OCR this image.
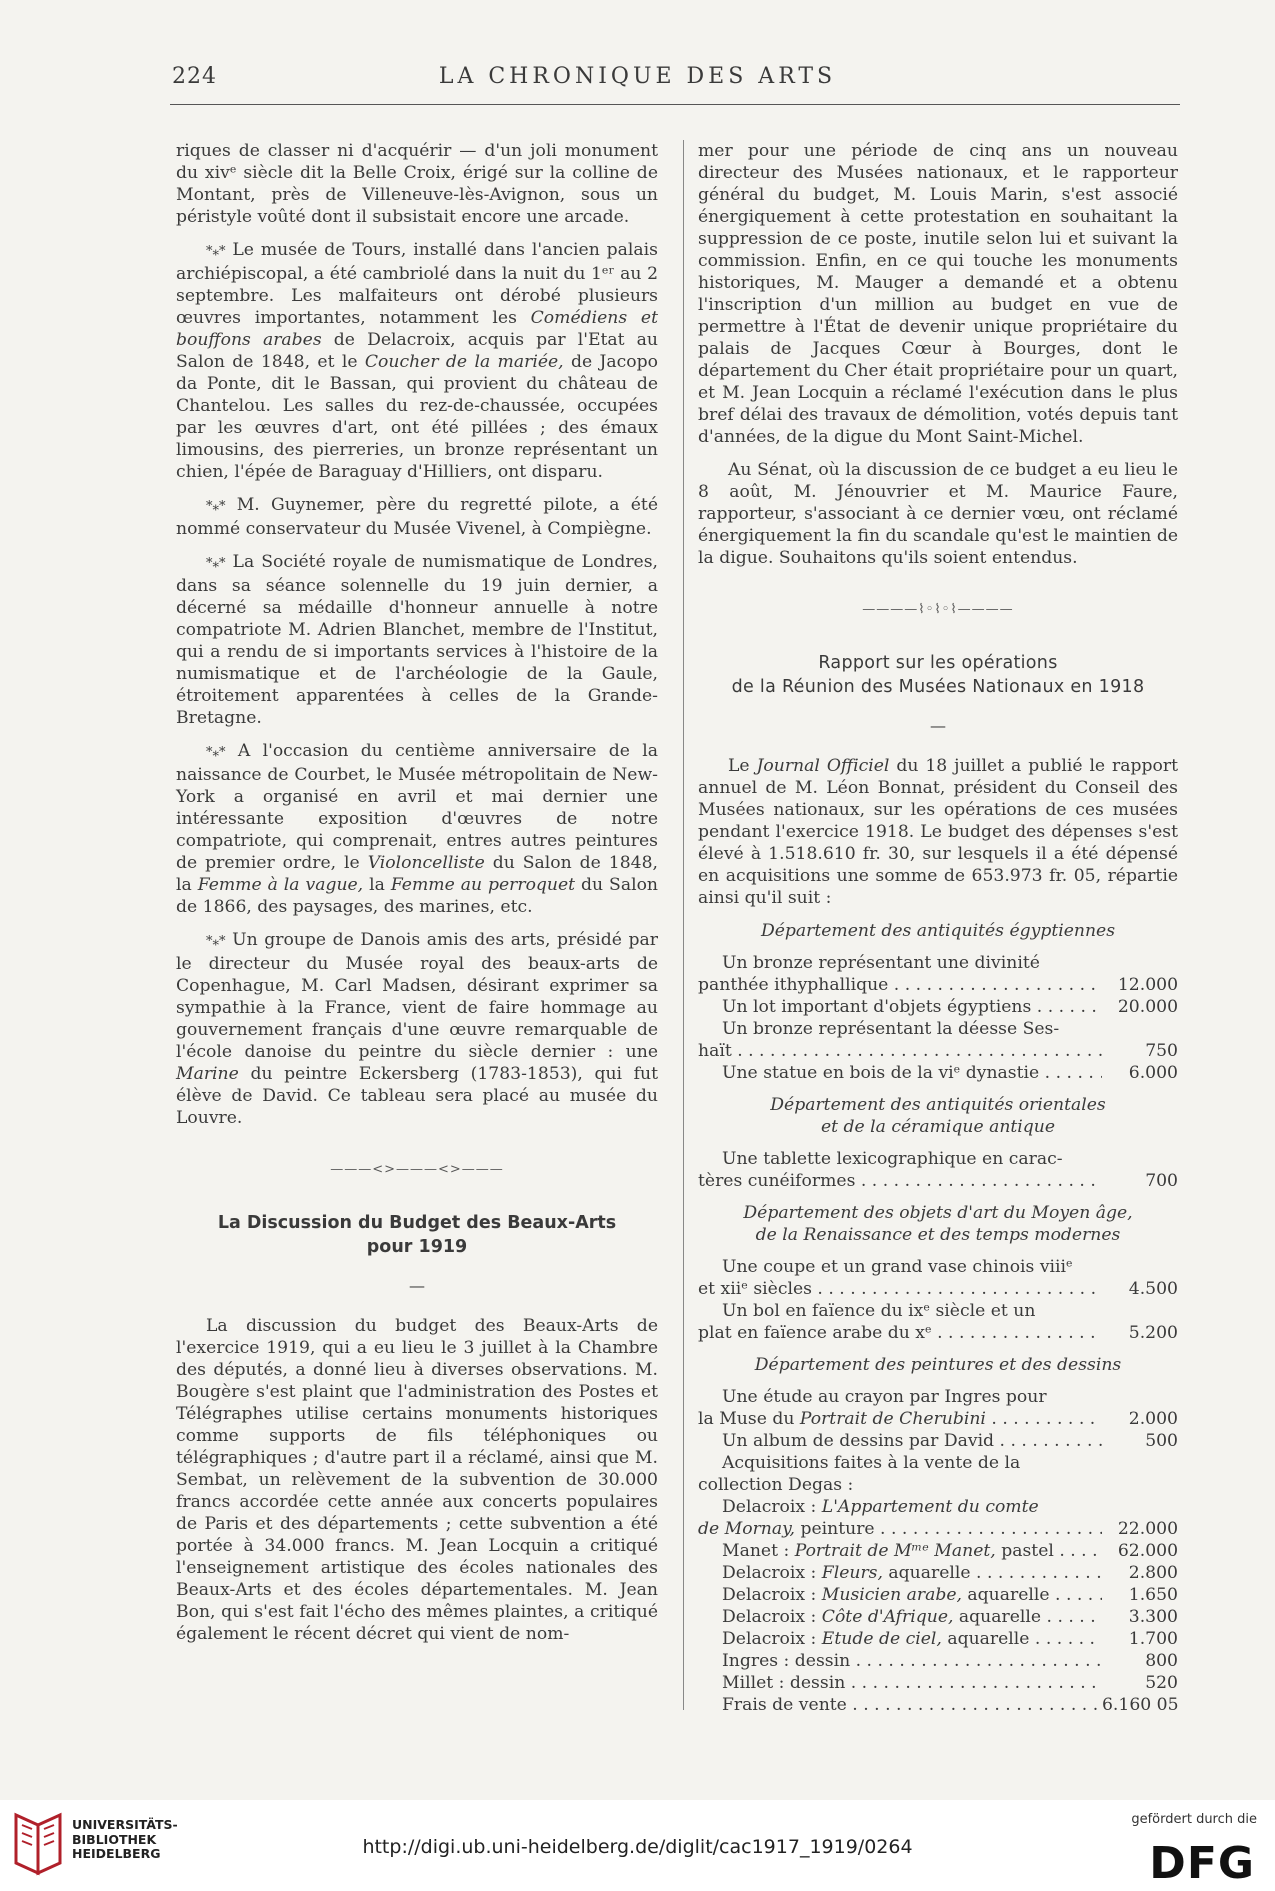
224	LA CHRONIQUE DES ARTS

riques de classer ni d'acquérir — d'un joli monument du xivᵉ siècle dit la Belle Croix, érigé sur la colline de Montant, près de Villeneuve-lès-Avignon, sous un péristyle voûté dont il subsistait encore une arcade.

*⁎* Le musée de Tours, installé dans l'ancien palais archiépiscopal, a été cambriolé dans la nuit du 1ᵉʳ au 2 septembre. Les malfaiteurs ont dérobé plusieurs œuvres importantes, notamment les Comédiens et bouffons arabes de Delacroix, acquis par l'Etat au Salon de 1848, et le Coucher de la mariée, de Jacopo da Ponte, dit le Bassan, qui provient du château de Chantelou. Les salles du rez-de-chaussée, occupées par les œuvres d'art, ont été pillées ; des émaux limousins, des pierreries, un bronze représentant un chien, l'épée de Baraguay d'Hilliers, ont disparu.

*⁎* M. Guynemer, père du regretté pilote, a été nommé conservateur du Musée Vivenel, à Compiègne.

*⁎* La Société royale de numismatique de Londres, dans sa séance solennelle du 19 juin dernier, a décerné sa médaille d'honneur annuelle à notre compatriote M. Adrien Blanchet, membre de l'Institut, qui a rendu de si importants services à l'histoire de la numismatique et de l'archéologie de la Gaule, étroitement apparentées à celles de la Grande-Bretagne.

*⁎* A l'occasion du centième anniversaire de la naissance de Courbet, le Musée métropolitain de New-York a organisé en avril et mai dernier une intéressante exposition d'œuvres de notre compatriote, qui comprenait, entres autres peintures de premier ordre, le Violoncelliste du Salon de 1848, la Femme à la vague, la Femme au perroquet du Salon de 1866, des paysages, des marines, etc.

*⁎* Un groupe de Danois amis des arts, présidé par le directeur du Musée royal des beaux-arts de Copenhague, M. Carl Madsen, désirant exprimer sa sympathie à la France, vient de faire hommage au gouvernement français d'une œuvre remarquable de l'école danoise du peintre du siècle dernier : une Marine du peintre Eckersberg (1783-1853), qui fut élève de David. Ce tableau sera placé au musée du Louvre.

———<>———<>———
La Discussion du Budget des Beaux-Arts
pour 1919
—

La discussion du budget des Beaux-Arts de l'exercice 1919, qui a eu lieu le 3 juillet à la Chambre des députés, a donné lieu à diverses observations. M. Bougère s'est plaint que l'administration des Postes et Télégraphes utilise certains monuments historiques comme supports de fils téléphoniques ou télégraphiques ; d'autre part il a réclamé, ainsi que M. Sembat, un relèvement de la subvention de 30.000 francs accordée cette année aux concerts populaires de Paris et des départements ; cette subvention a été portée à 34.000 francs. M. Jean Locquin a critiqué l'enseignement artistique des écoles nationales des Beaux-Arts et des écoles départementales. M. Jean Bon, qui s'est fait l'écho des mêmes plaintes, a critiqué également le récent décret qui vient de nom-

mer pour une période de cinq ans un nouveau directeur des Musées nationaux, et le rapporteur général du budget, M. Louis Marin, s'est associé énergiquement à cette protestation en souhaitant la suppression de ce poste, inutile selon lui et suivant la commission. Enfin, en ce qui touche les monuments historiques, M. Mauger a demandé et a obtenu l'inscription d'un million au budget en vue de permettre à l'État de devenir unique propriétaire du palais de Jacques Cœur à Bourges, dont le département du Cher était propriétaire pour un quart, et M. Jean Locquin a réclamé l'exécution dans le plus bref délai des travaux de démolition, votés depuis tant d'années, de la digue du Mont Saint-Michel.

Au Sénat, où la discussion de ce budget a eu lieu le 8 août, M. Jénouvrier et M. Maurice Faure, rapporteur, s'associant à ce dernier vœu, ont réclamé énergiquement la fin du scandale qu'est le maintien de la digue. Souhaitons qu'ils soient entendus.

————⌇◦⌇◦⌇————
Rapport sur les opérations
de la Réunion des Musées Nationaux en 1918
—

Le Journal Officiel du 18 juillet a publié le rapport annuel de M. Léon Bonnat, président du Conseil des Musées nationaux, sur les opérations de ces musées pendant l'exercice 1918. Le budget des dépenses s'est élevé à 1.518.610 fr. 30, sur lesquels il a été dépensé en acquisitions une somme de 653.973 fr. 05, répartie ainsi qu'il suit :

Département des antiquités égyptiennes
Un bronze représentant une divinité
panthée ithyphallique . . .	12.000
Un lot important d'objets égyptiens . . .	20.000
Un bronze représentant la déesse Ses-
haït . . .	750
Une statue en bois de la viᵉ dynastie . . .	6.000
Département des antiquités orientales
et de la céramique antique
Une tablette lexicographique en carac-
tères cunéiformes . . .	700
Département des objets d'art du Moyen âge,
de la Renaissance et des temps modernes
Une coupe et un grand vase chinois viiiᵉ
et xiiᵉ siècles . . .	4.500
Un bol en faïence du ixᵉ siècle et un
plat en faïence arabe du xᵉ . . .	5.200
Département des peintures et des dessins
Une étude au crayon par Ingres pour
la Muse du Portrait de Cherubini . . .	2.000
Un album de dessins par David . . .	500
Acquisitions faites à la vente de la
collection Degas :
Delacroix : L'Appartement du comte
de Mornay, peinture . . .	22.000
Manet : Portrait de Mᵐᵉ Manet, pastel . . .	62.000
Delacroix : Fleurs, aquarelle . . .	2.800
Delacroix : Musicien arabe, aquarelle . . .	1.650
Delacroix : Côte d'Afrique, aquarelle . . .	3.300
Delacroix : Etude de ciel, aquarelle . . .	1.700
Ingres : dessin . . .	800
Millet : dessin . . .	520
Frais de vente . . .	6.160 05
UNIVERSITÄTS-
BIBLIOTHEK
HEIDELBERG	http://digi.ub.uni-heidelberg.de/diglit/cac1917_1919/0264
gefördert durch die
DFG
